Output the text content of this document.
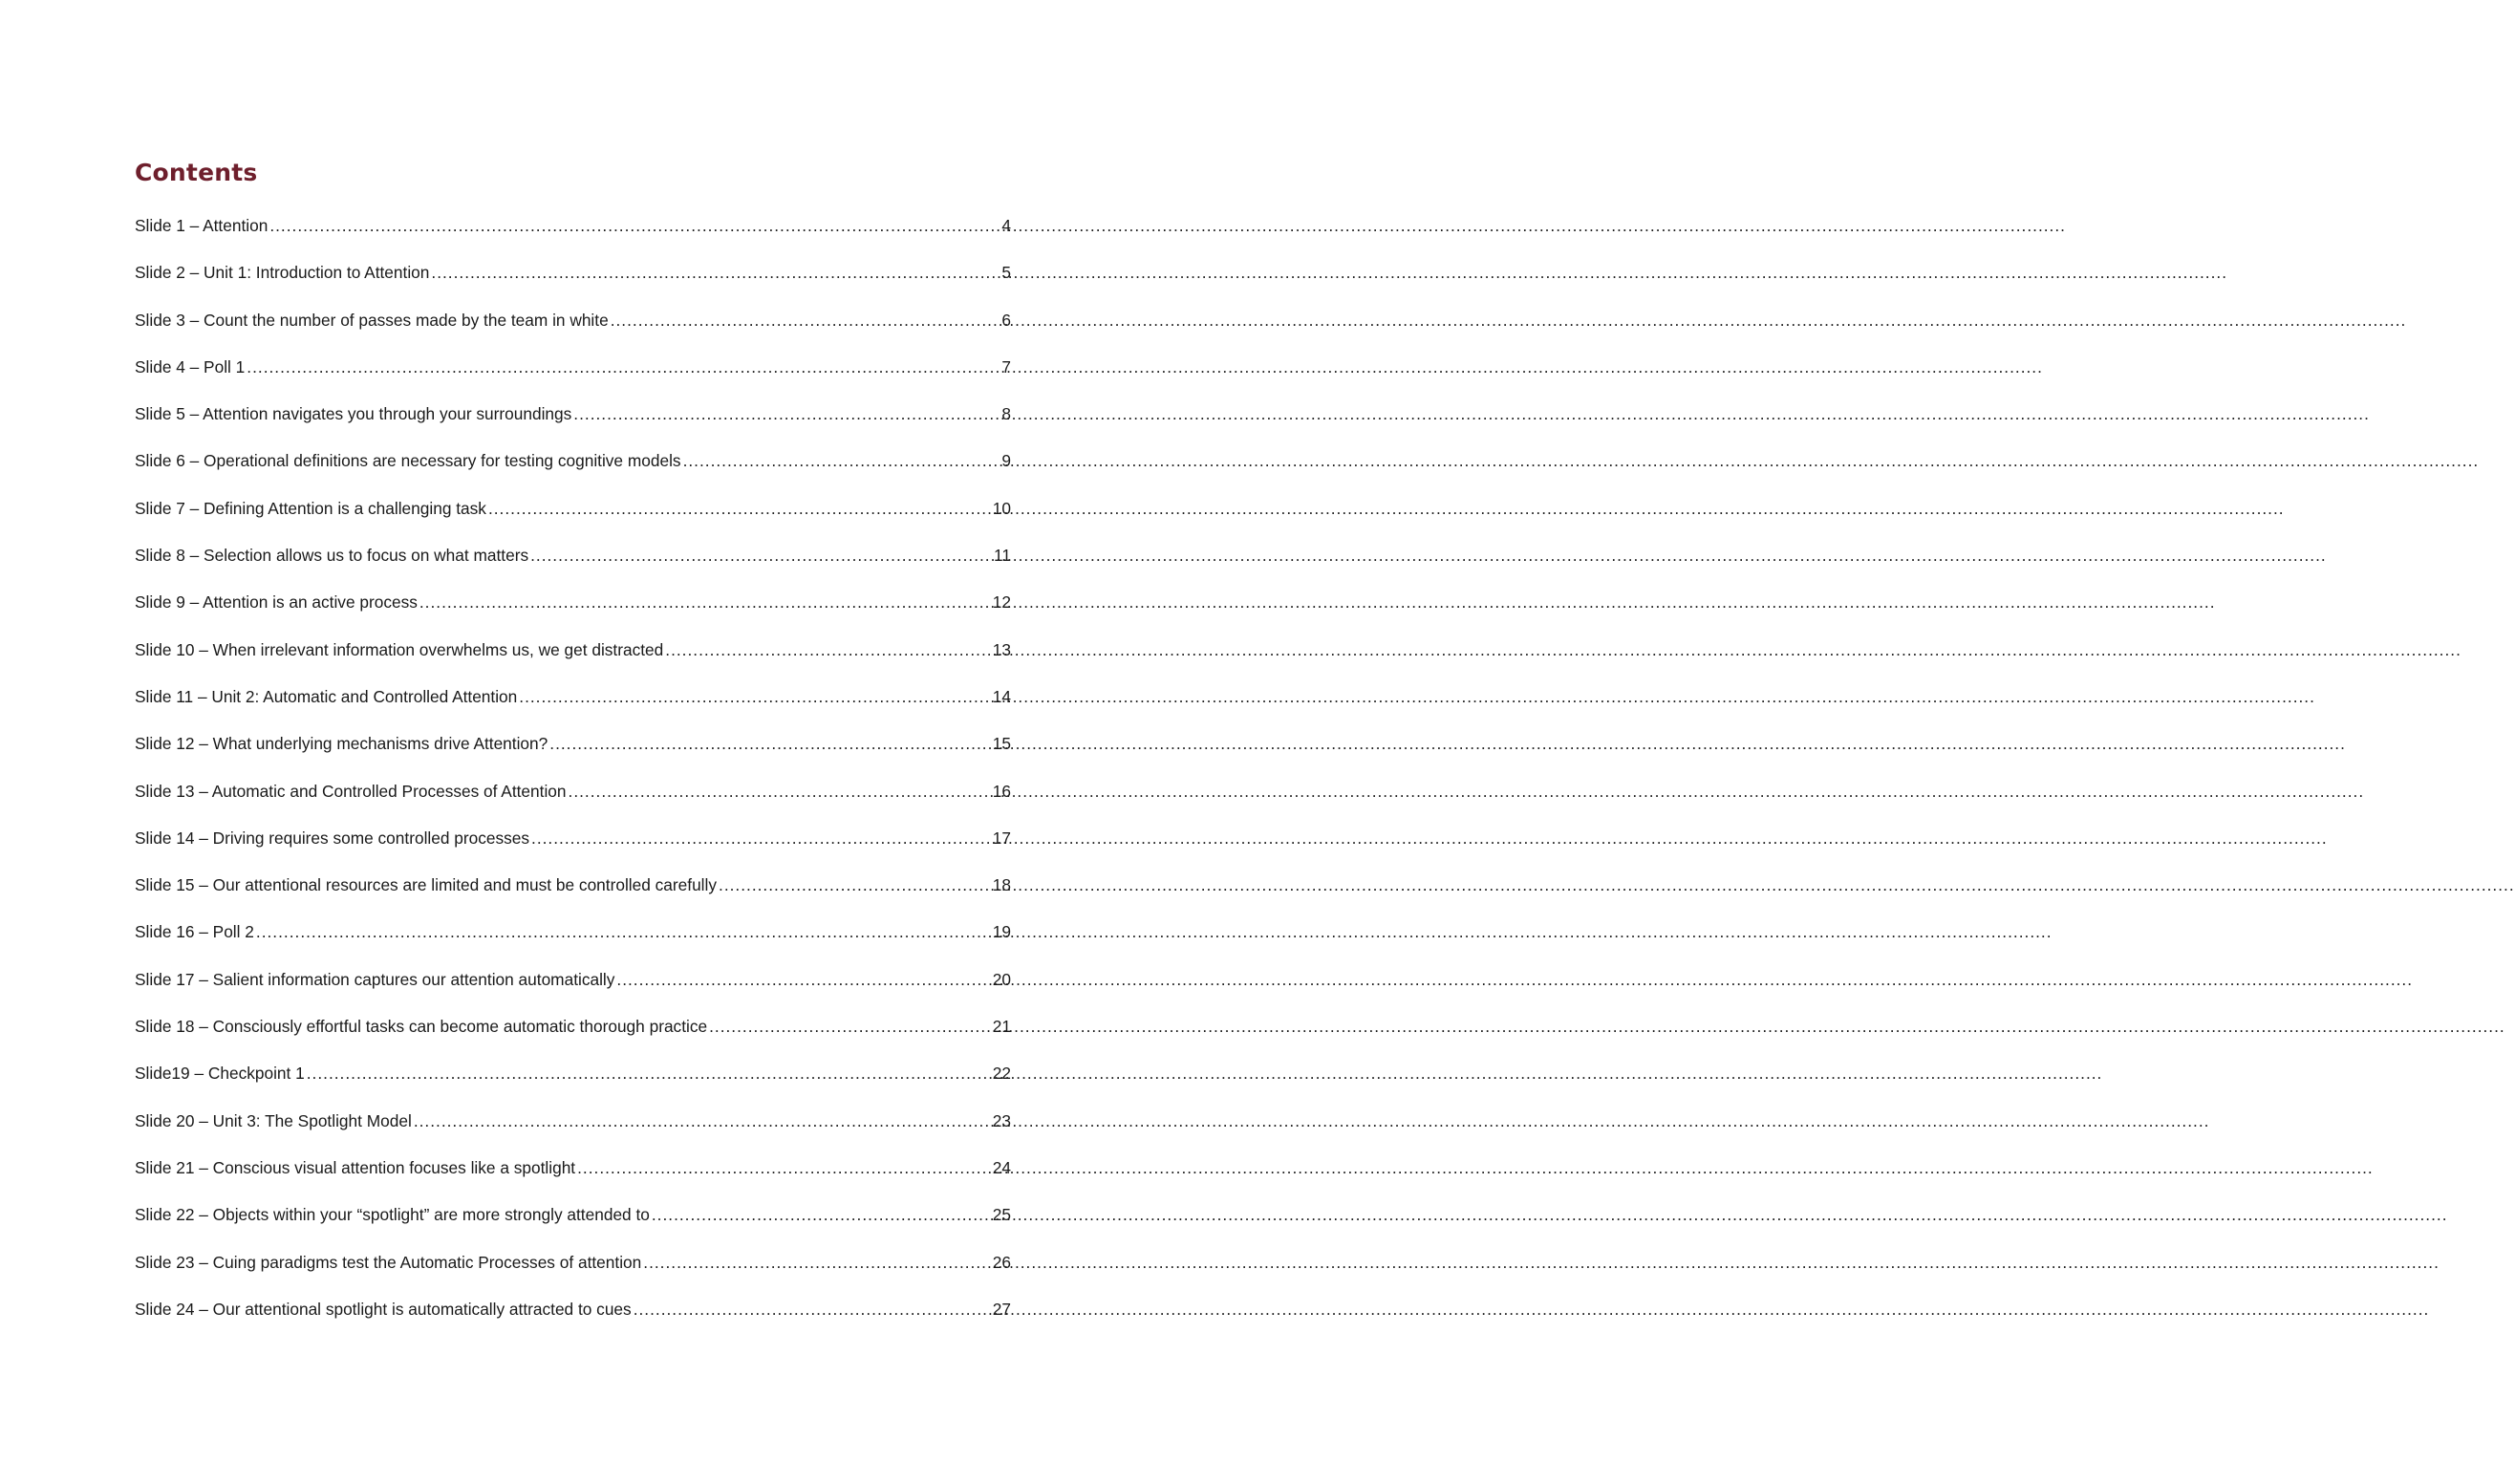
Contents
Slide 1 – Attention .....	4
Slide 2 – Unit 1: Introduction to Attention .....	5
Slide 3 – Count the number of passes made by the team in white .....	6
Slide 4 – Poll 1 .....	7
Slide 5 – Attention navigates you through your surroundings .....	8
Slide 6 – Operational definitions are necessary for testing cognitive models .....	9
Slide 7 – Defining Attention is a challenging task .....	10
Slide 8 – Selection allows us to focus on what matters .....	11
Slide 9 – Attention is an active process .....	12
Slide 10 – When irrelevant information overwhelms us, we get distracted .....	13
Slide 11 – Unit 2: Automatic and Controlled Attention .....	14
Slide 12 – What underlying mechanisms drive Attention? .....	15
Slide 13 – Automatic and Controlled Processes of Attention .....	16
Slide 14 – Driving requires some controlled processes .....	17
Slide 15 – Our attentional resources are limited and must be controlled carefully .....	18
Slide 16 – Poll 2 .....	19
Slide 17 – Salient information captures our attention automatically .....	20
Slide 18 – Consciously effortful tasks can become automatic thorough practice .....	21
Slide19 – Checkpoint 1 .....	22
Slide 20 – Unit 3: The Spotlight Model .....	23
Slide 21 – Conscious visual attention focuses like a spotlight .....	24
Slide 22 – Objects within your “spotlight” are more strongly attended to .....	25
Slide 23 – Cuing paradigms test the Automatic Processes of attention .....	26
Slide 24 – Our attentional spotlight is automatically attracted to cues .....	27
